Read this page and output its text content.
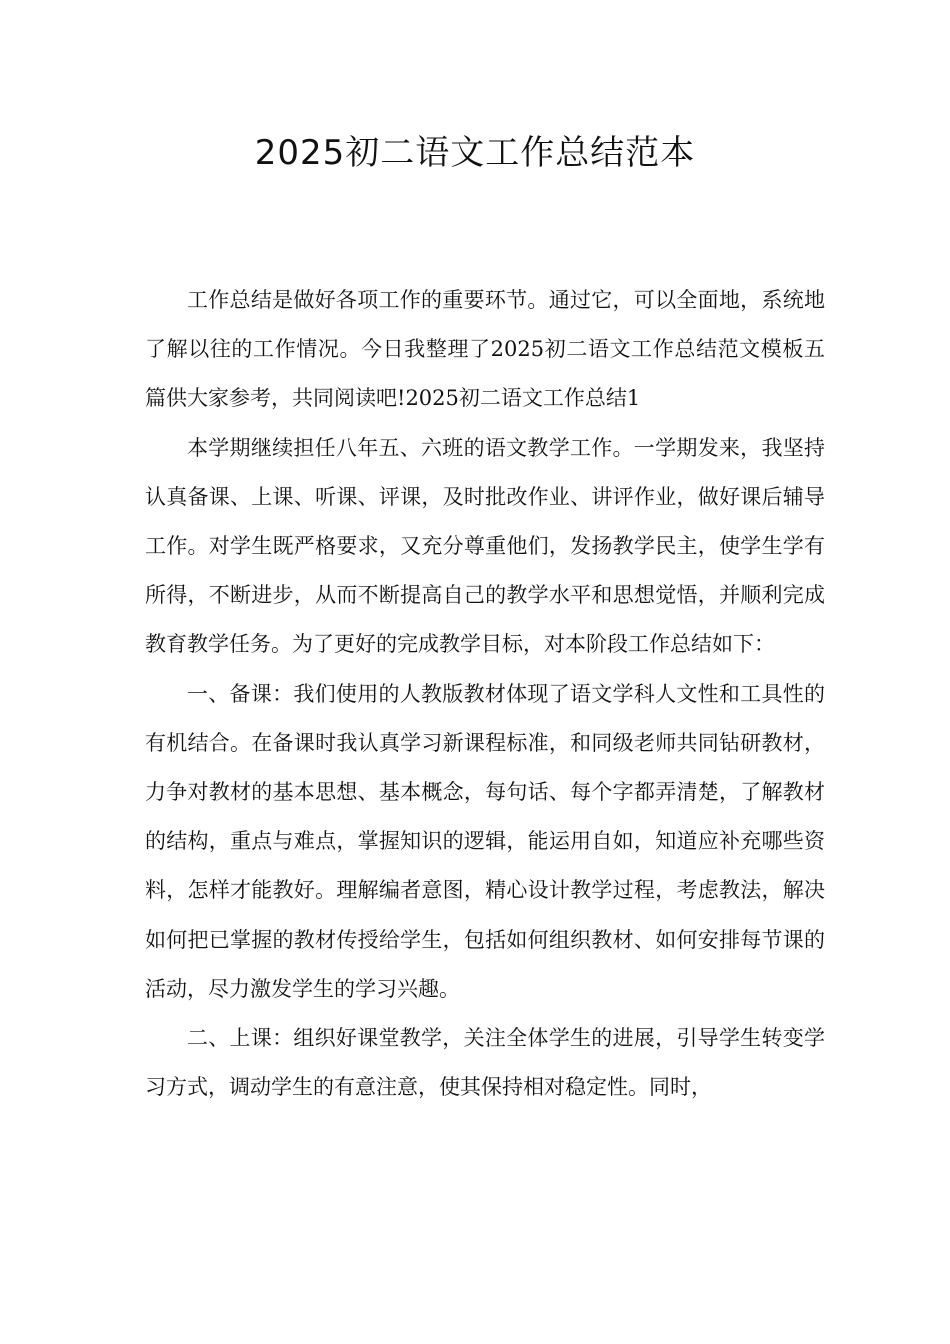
2025初二语文工作总结范本

工作总结是做好各项工作的重要环节。通过它，可以全面地，系统地了解以往的工作情况。今日我整理了2025初二语文工作总结范文模板五篇供大家参考，共同阅读吧!2025初二语文工作总结1

本学期继续担任八年五、六班的语文教学工作。一学期发来，我坚持认真备课、上课、听课、评课，及时批改作业、讲评作业，做好课后辅导工作。对学生既严格要求，又充分尊重他们，发扬教学民主，使学生学有所得，不断进步，从而不断提高自己的教学水平和思想觉悟，并顺利完成教育教学任务。为了更好的完成教学目标，对本阶段工作总结如下：

一、备课：我们使用的人教版教材体现了语文学科人文性和工具性的有机结合。在备课时我认真学习新课程标准，和同级老师共同钻研教材，力争对教材的基本思想、基本概念，每句话、每个字都弄清楚，了解教材的结构，重点与难点，掌握知识的逻辑，能运用自如，知道应补充哪些资料，怎样才能教好。理解编者意图，精心设计教学过程，考虑教法，解决如何把已掌握的教材传授给学生，包括如何组织教材、如何安排每节课的活动，尽力激发学生的学习兴趣。

二、上课：组织好课堂教学，关注全体学生的进展，引导学生转变学习方式，调动学生的有意注意，使其保持相对稳定性。同时，
